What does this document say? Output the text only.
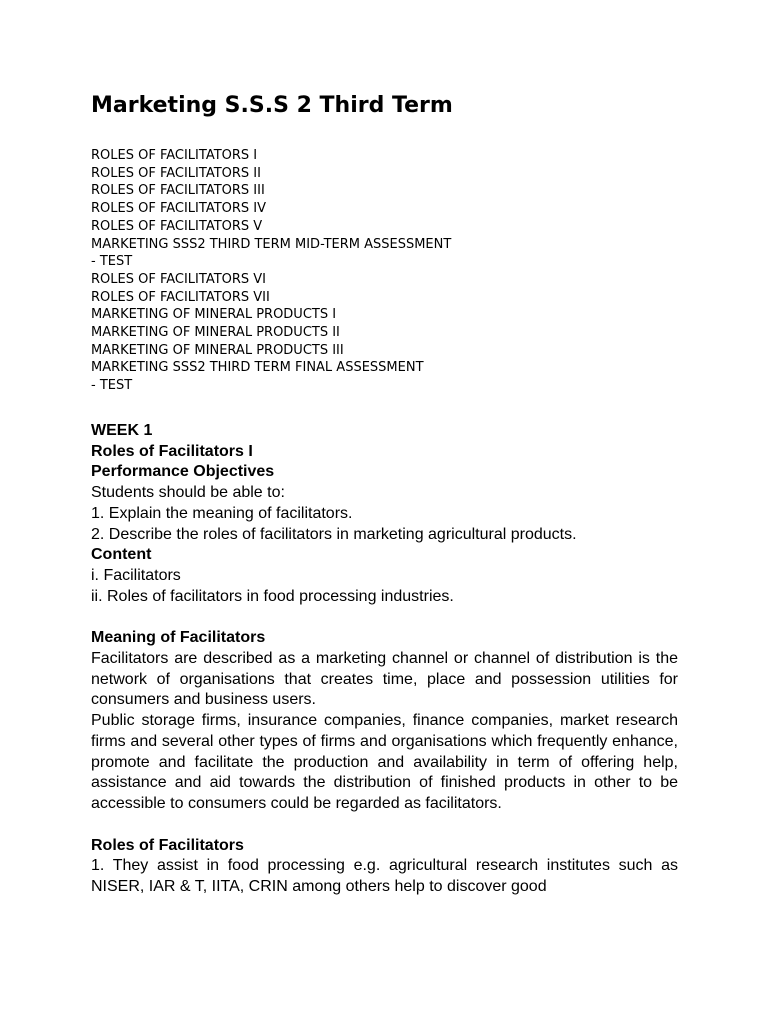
Marketing S.S.S 2 Third Term
ROLES OF FACILITATORS I
ROLES OF FACILITATORS II
ROLES OF FACILITATORS III
ROLES OF FACILITATORS IV
ROLES OF FACILITATORS V
MARKETING SSS2 THIRD TERM MID-TERM ASSESSMENT
- TEST
ROLES OF FACILITATORS VI
ROLES OF FACILITATORS VII
MARKETING OF MINERAL PRODUCTS I
MARKETING OF MINERAL PRODUCTS II
MARKETING OF MINERAL PRODUCTS III
MARKETING SSS2 THIRD TERM FINAL ASSESSMENT
- TEST

WEEK 1

Roles of Facilitators I

Performance Objectives

Students should be able to:

1. Explain the meaning of facilitators.

2. Describe the roles of facilitators in marketing agricultural products.

Content

i. Facilitators

ii. Roles of facilitators in food processing industries.

Meaning of Facilitators

Facilitators are described as a marketing channel or channel of distribution is the network of organisations that creates time, place and possession utilities for consumers and business users.

Public storage firms, insurance companies, finance companies, market research firms and several other types of firms and organisations which frequently enhance, promote and facilitate the production and availability in term of offering help, assistance and aid towards the distribution of finished products in other to be accessible to consumers could be regarded as facilitators.

Roles of Facilitators

1. They assist in food processing e.g. agricultural research institutes such as NISER, IAR & T, IITA, CRIN among others help to discover good
